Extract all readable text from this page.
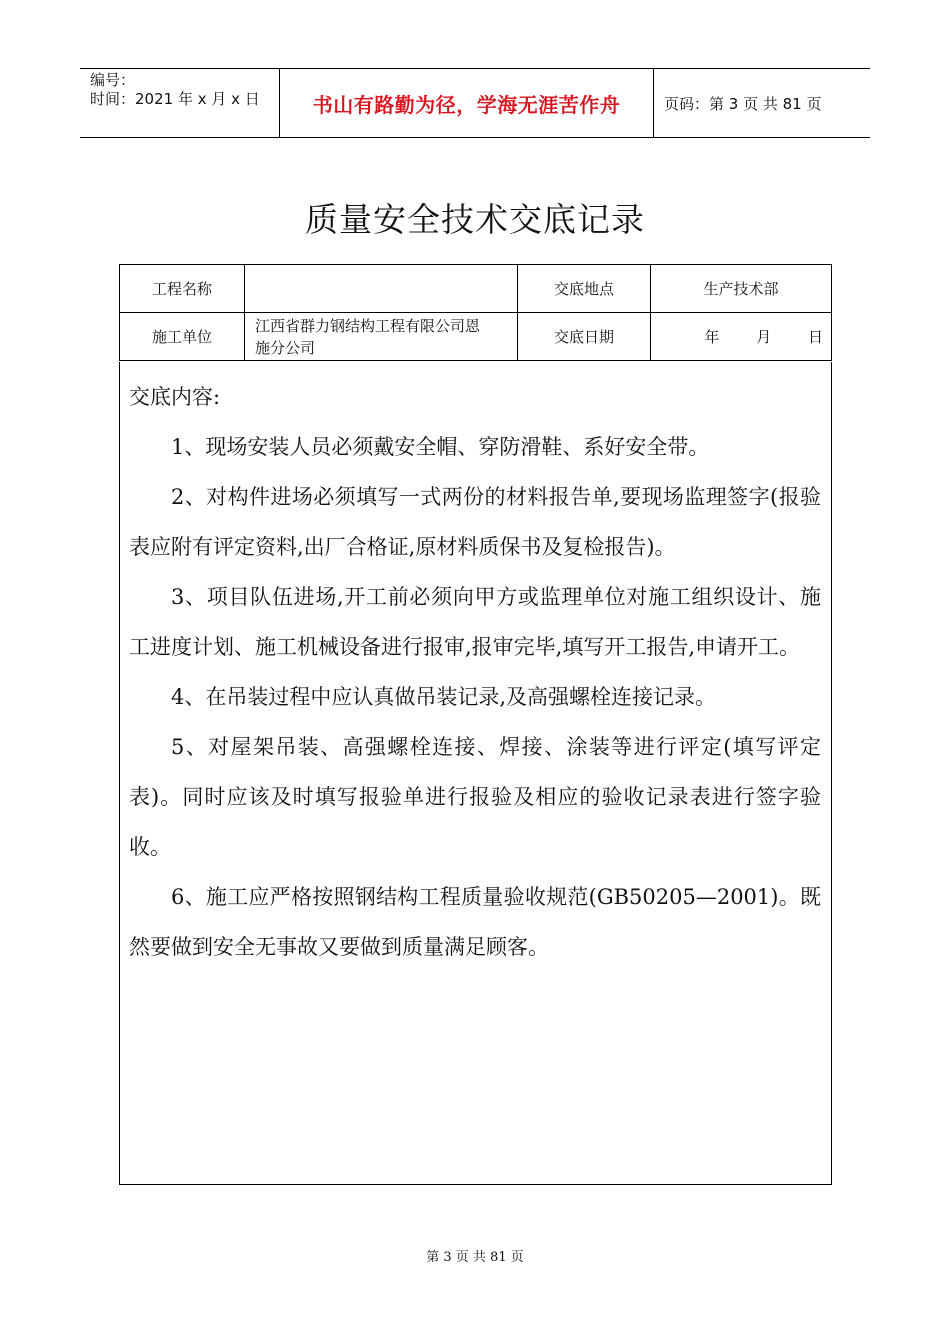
编号：
时间：2021 年 x 月 x 日	书山有路勤为径，学海无涯苦作舟	页码：第 3 页 共 81 页
质量安全技术交底记录
工程名称		交底地点	生产技术部
施工单位	江西省群力钢结构工程有限公司恩施分公司	交底日期	年 月 日

交底内容:

1、现场安装人员必须戴安全帽、穿防滑鞋、系好安全带。

2、对构件进场必须填写一式两份的材料报告单,要现场监理签字(报验表应附有评定资料,出厂合格证,原材料质保书及复检报告)。

3、项目队伍进场,开工前必须向甲方或监理单位对施工组织设计、施工进度计划、施工机械设备进行报审,报审完毕,填写开工报告,申请开工。

4、在吊装过程中应认真做吊装记录,及高强螺栓连接记录。

5、对屋架吊装、高强螺栓连接、焊接、涂装等进行评定(填写评定表)。同时应该及时填写报验单进行报验及相应的验收记录表进行签字验收。

6、施工应严格按照钢结构工程质量验收规范(GB50205—2001)。既然要做到安全无事故又要做到质量满足顾客。

第 3 页 共 81 页
